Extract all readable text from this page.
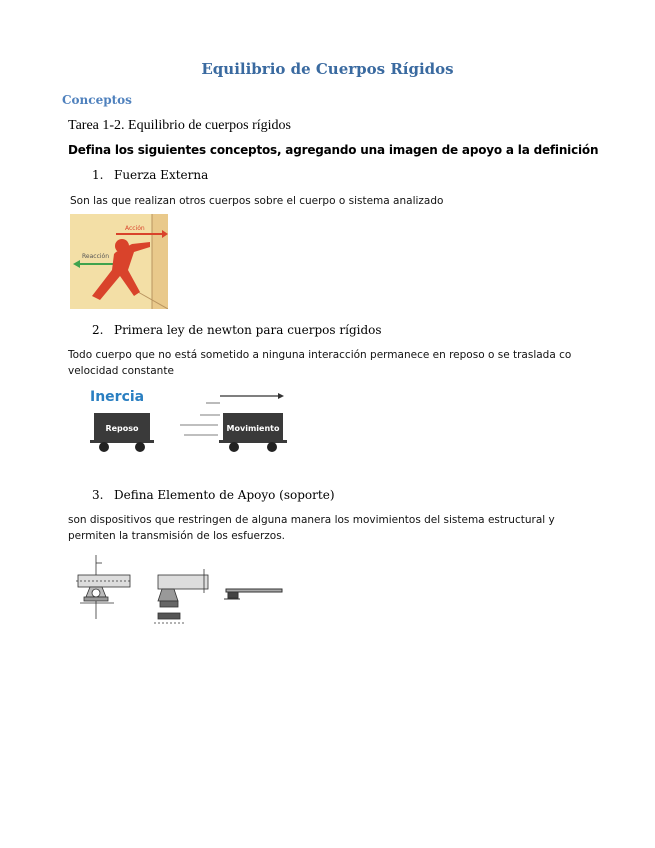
Equilibrio de Cuerpos Rígidos
Conceptos
Tarea 1-2. Equilibrio de cuerpos rígidos
Defina los siguientes conceptos, agregando una imagen de apoyo a la definición
1. Fuerza Externa
Son las que realizan otros cuerpos sobre el cuerpo o sistema analizado
Acción
Reacción
2. Primera ley de newton para cuerpos rígidos
Todo cuerpo que no está sometido a ninguna interacción permanece en reposo o se traslada co
velocidad constante
Inercia
Reposo	Movimiento
3. Defina Elemento de Apoyo (soporte)
son dispositivos que restringen de alguna manera los movimientos del sistema estructural y
permiten la transmisión de los esfuerzos.
